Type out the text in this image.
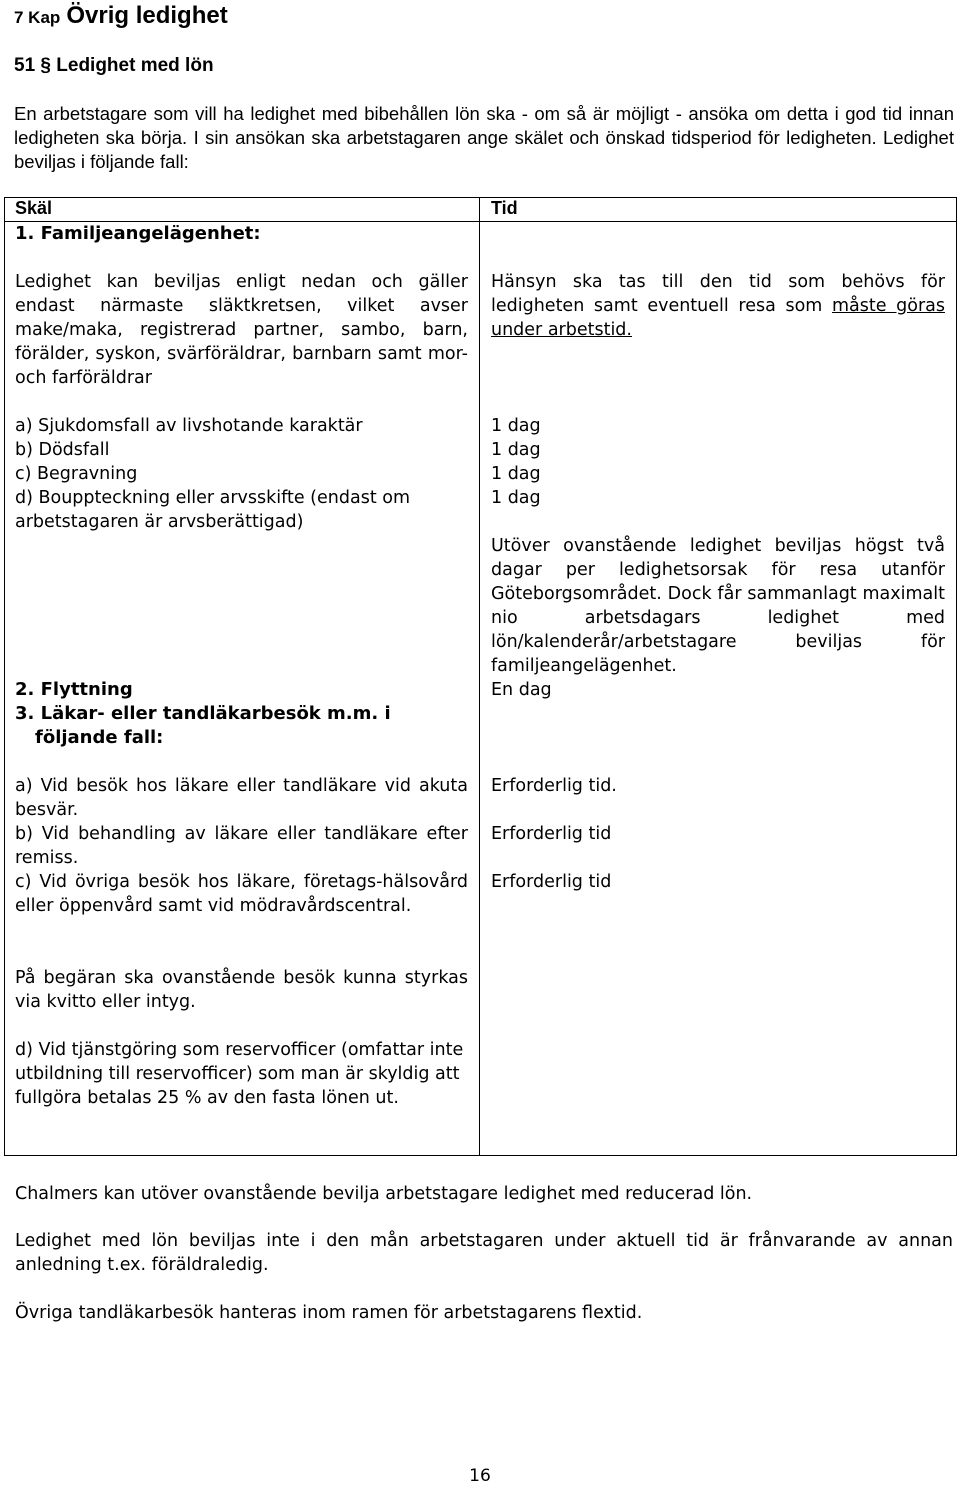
7 Kap Övrig ledighet
51 § Ledighet med lön
En arbetstagare som vill ha ledighet med bibehållen lön ska - om så är möjligt - ansöka om detta i god tid innan ledigheten ska börja. I sin ansökan ska arbetstagaren ange skälet och önskad tidsperiod för ledigheten. Ledighet beviljas i följande fall:
Skäl	Tid
1. Familjeangelägenhet:
Ledighet kan beviljas enligt nedan och gäller endast närmaste släktkretsen, vilket avser make/maka, registrerad partner, sambo, barn, förälder, syskon, svärföräldrar, barnbarn samt mor- och farföräldrar
Hänsyn ska tas till den tid som behövs för ledigheten samt eventuell resa som måste göras under arbetstid.
a) Sjukdomsfall av livshotande karaktär
b) Dödsfall
c) Begravning
d) Bouppteckning eller arvsskifte (endast om arbetstagaren är arvsberättigad)
1 dag
1 dag
1 dag
1 dag
Utöver ovanstående ledighet beviljas högst två dagar per ledighetsorsak för resa utanför Göteborgsområdet. Dock får sammanlagt maximalt nio arbetsdagars ledighet med lön/kalenderår/arbetstagare beviljas för familjeangelägenhet.
2. Flyttning	En dag
3. Läkar- eller tandläkarbesök m.m. i
följande fall:
a) Vid besök hos läkare eller tandläkare vid akuta besvär.
b) Vid behandling av läkare eller tandläkare efter remiss.
c) Vid övriga besök hos läkare, företags-hälsovård eller öppenvård samt vid mödravårdscentral.
Erforderlig tid.
Erforderlig tid
Erforderlig tid
På begäran ska ovanstående besök kunna styrkas via kvitto eller intyg.
d) Vid tjänstgöring som reservofficer (omfattar inte utbildning till reservofficer) som man är skyldig att fullgöra betalas 25 % av den fasta lönen ut.
Chalmers kan utöver ovanstående bevilja arbetstagare ledighet med reducerad lön.
Ledighet med lön beviljas inte i den mån arbetstagaren under aktuell tid är frånvarande av annan anledning t.ex. föräldraledig.
Övriga tandläkarbesök hanteras inom ramen för arbetstagarens flextid.
16
